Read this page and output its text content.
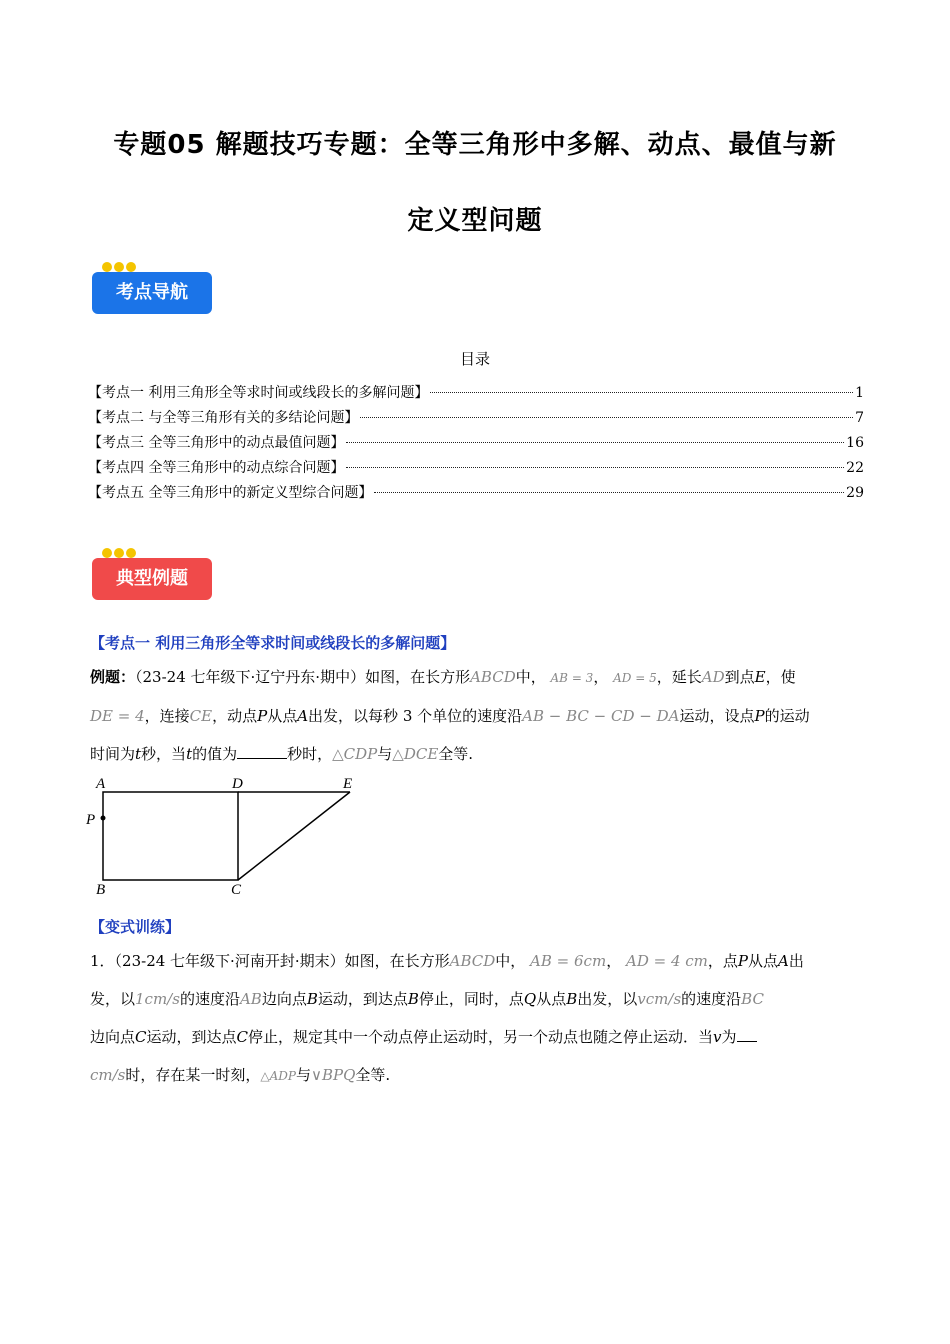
专题05 解题技巧专题：全等三角形中多解、动点、最值与新
定义型问题
考点导航
目录
【考点一 利用三角形全等求时间或线段长的多解问题】	1
【考点二 与全等三角形有关的多结论问题】	7
【考点三 全等三角形中的动点最值问题】	16
【考点四 全等三角形中的动点综合问题】	22
【考点五 全等三角形中的新定义型综合问题】	29
典型例题
【考点一 利用三角形全等求时间或线段长的多解问题】
例题：（23-24 七年级下·辽宁丹东·期中）如图，在长方形ABCD中， AB = 3， AD = 5，延长AD到点E，使
DE = 4，连接CE，动点P从点A出发，以每秒 3 个单位的速度沿AB − BC − CD − DA运动，设点P的运动
时间为t秒，当t的值为	秒时，△CDP与△DCE全等.
A	D	E
P
B	C
【变式训练】
1．（23-24 七年级下·河南开封·期末）如图，在长方形ABCD中， AB = 6cm， AD = 4 cm，点P从点A出
发，以1cm/s的速度沿AB边向点B运动，到达点B停止，同时，点Q从点B出发，以vcm/s的速度沿BC
边向点C运动，到达点C停止，规定其中一个动点停止运动时，另一个动点也随之停止运动．当v为
cm/s时，存在某一时刻，△ADP与∨BPQ全等.
